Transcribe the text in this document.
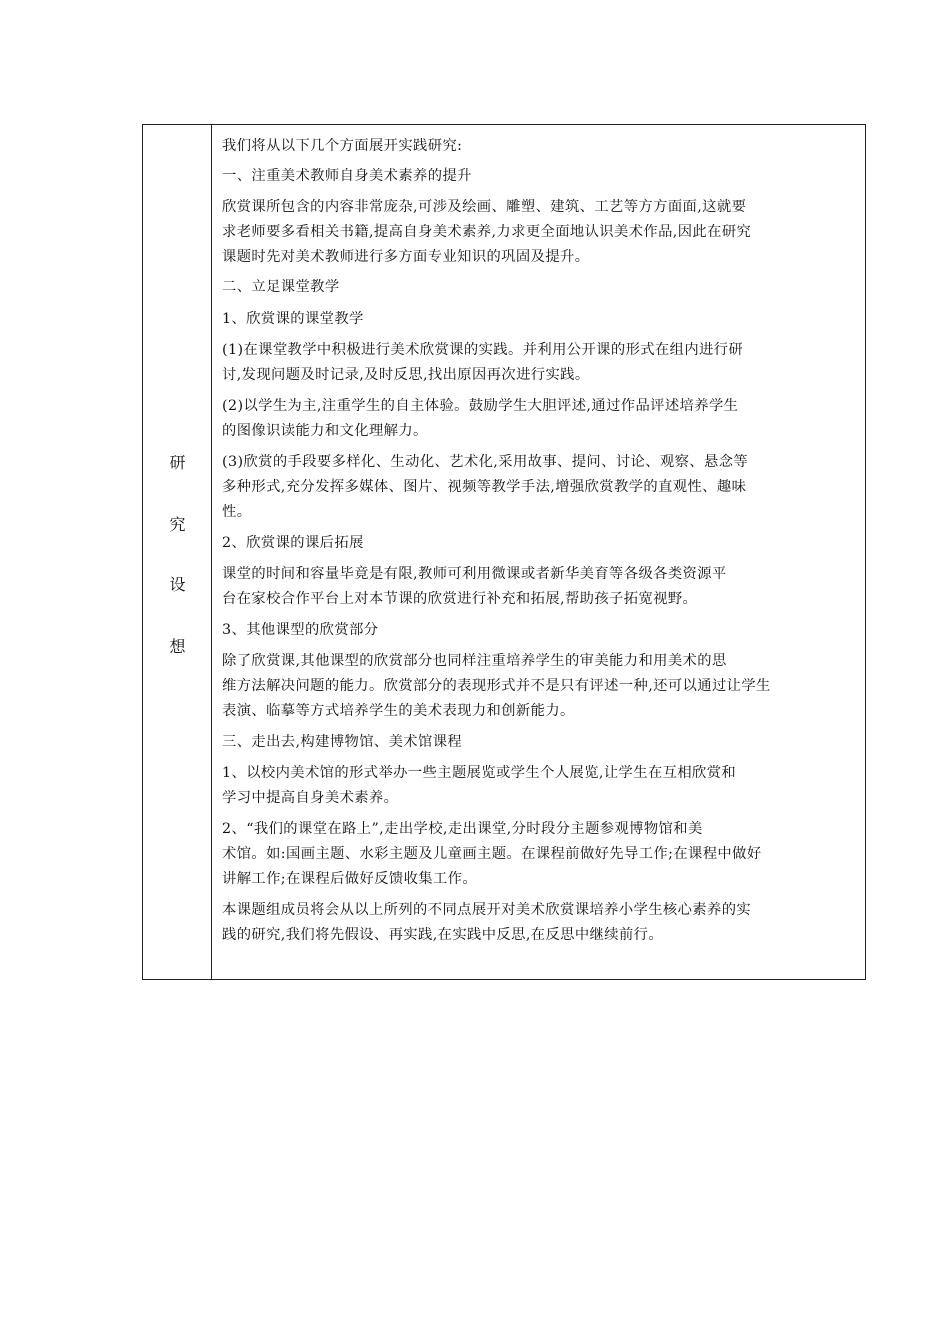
研
究
设
想
我们将从以下几个方面展开实践研究:
一、注重美术教师自身美术素养的提升
欣赏课所包含的内容非常庞杂,可涉及绘画、雕塑、建筑、工艺等方方面面,这就要
求老师要多看相关书籍,提高自身美术素养,力求更全面地认识美术作品,因此在研究
课题时先对美术教师进行多方面专业知识的巩固及提升。
二、立足课堂教学
1、欣赏课的课堂教学
(1)在课堂教学中积极进行美术欣赏课的实践。并利用公开课的形式在组内进行研
讨,发现问题及时记录,及时反思,找出原因再次进行实践。
(2)以学生为主,注重学生的自主体验。鼓励学生大胆评述,通过作品评述培养学生
的图像识读能力和文化理解力。
(3)欣赏的手段要多样化、生动化、艺术化,采用故事、提问、讨论、观察、悬念等
多种形式,充分发挥多媒体、图片、视频等教学手法,增强欣赏教学的直观性、趣味
性。
2、欣赏课的课后拓展
课堂的时间和容量毕竟是有限,教师可利用微课或者新华美育等各级各类资源平
台在家校合作平台上对本节课的欣赏进行补充和拓展,帮助孩子拓宽视野。
3、其他课型的欣赏部分
除了欣赏课,其他课型的欣赏部分也同样注重培养学生的审美能力和用美术的思
维方法解决问题的能力。欣赏部分的表现形式并不是只有评述一种,还可以通过让学生
表演、临摹等方式培养学生的美术表现力和创新能力。
三、走出去,构建博物馆、美术馆课程
1、以校内美术馆的形式举办一些主题展览或学生个人展览,让学生在互相欣赏和
学习中提高自身美术素养。
2、“我们的课堂在路上”,走出学校,走出课堂,分时段分主题参观博物馆和美
术馆。如:国画主题、水彩主题及儿童画主题。在课程前做好先导工作;在课程中做好
讲解工作;在课程后做好反馈收集工作。
本课题组成员将会从以上所列的不同点展开对美术欣赏课培养小学生核心素养的实
践的研究,我们将先假设、再实践,在实践中反思,在反思中继续前行。
